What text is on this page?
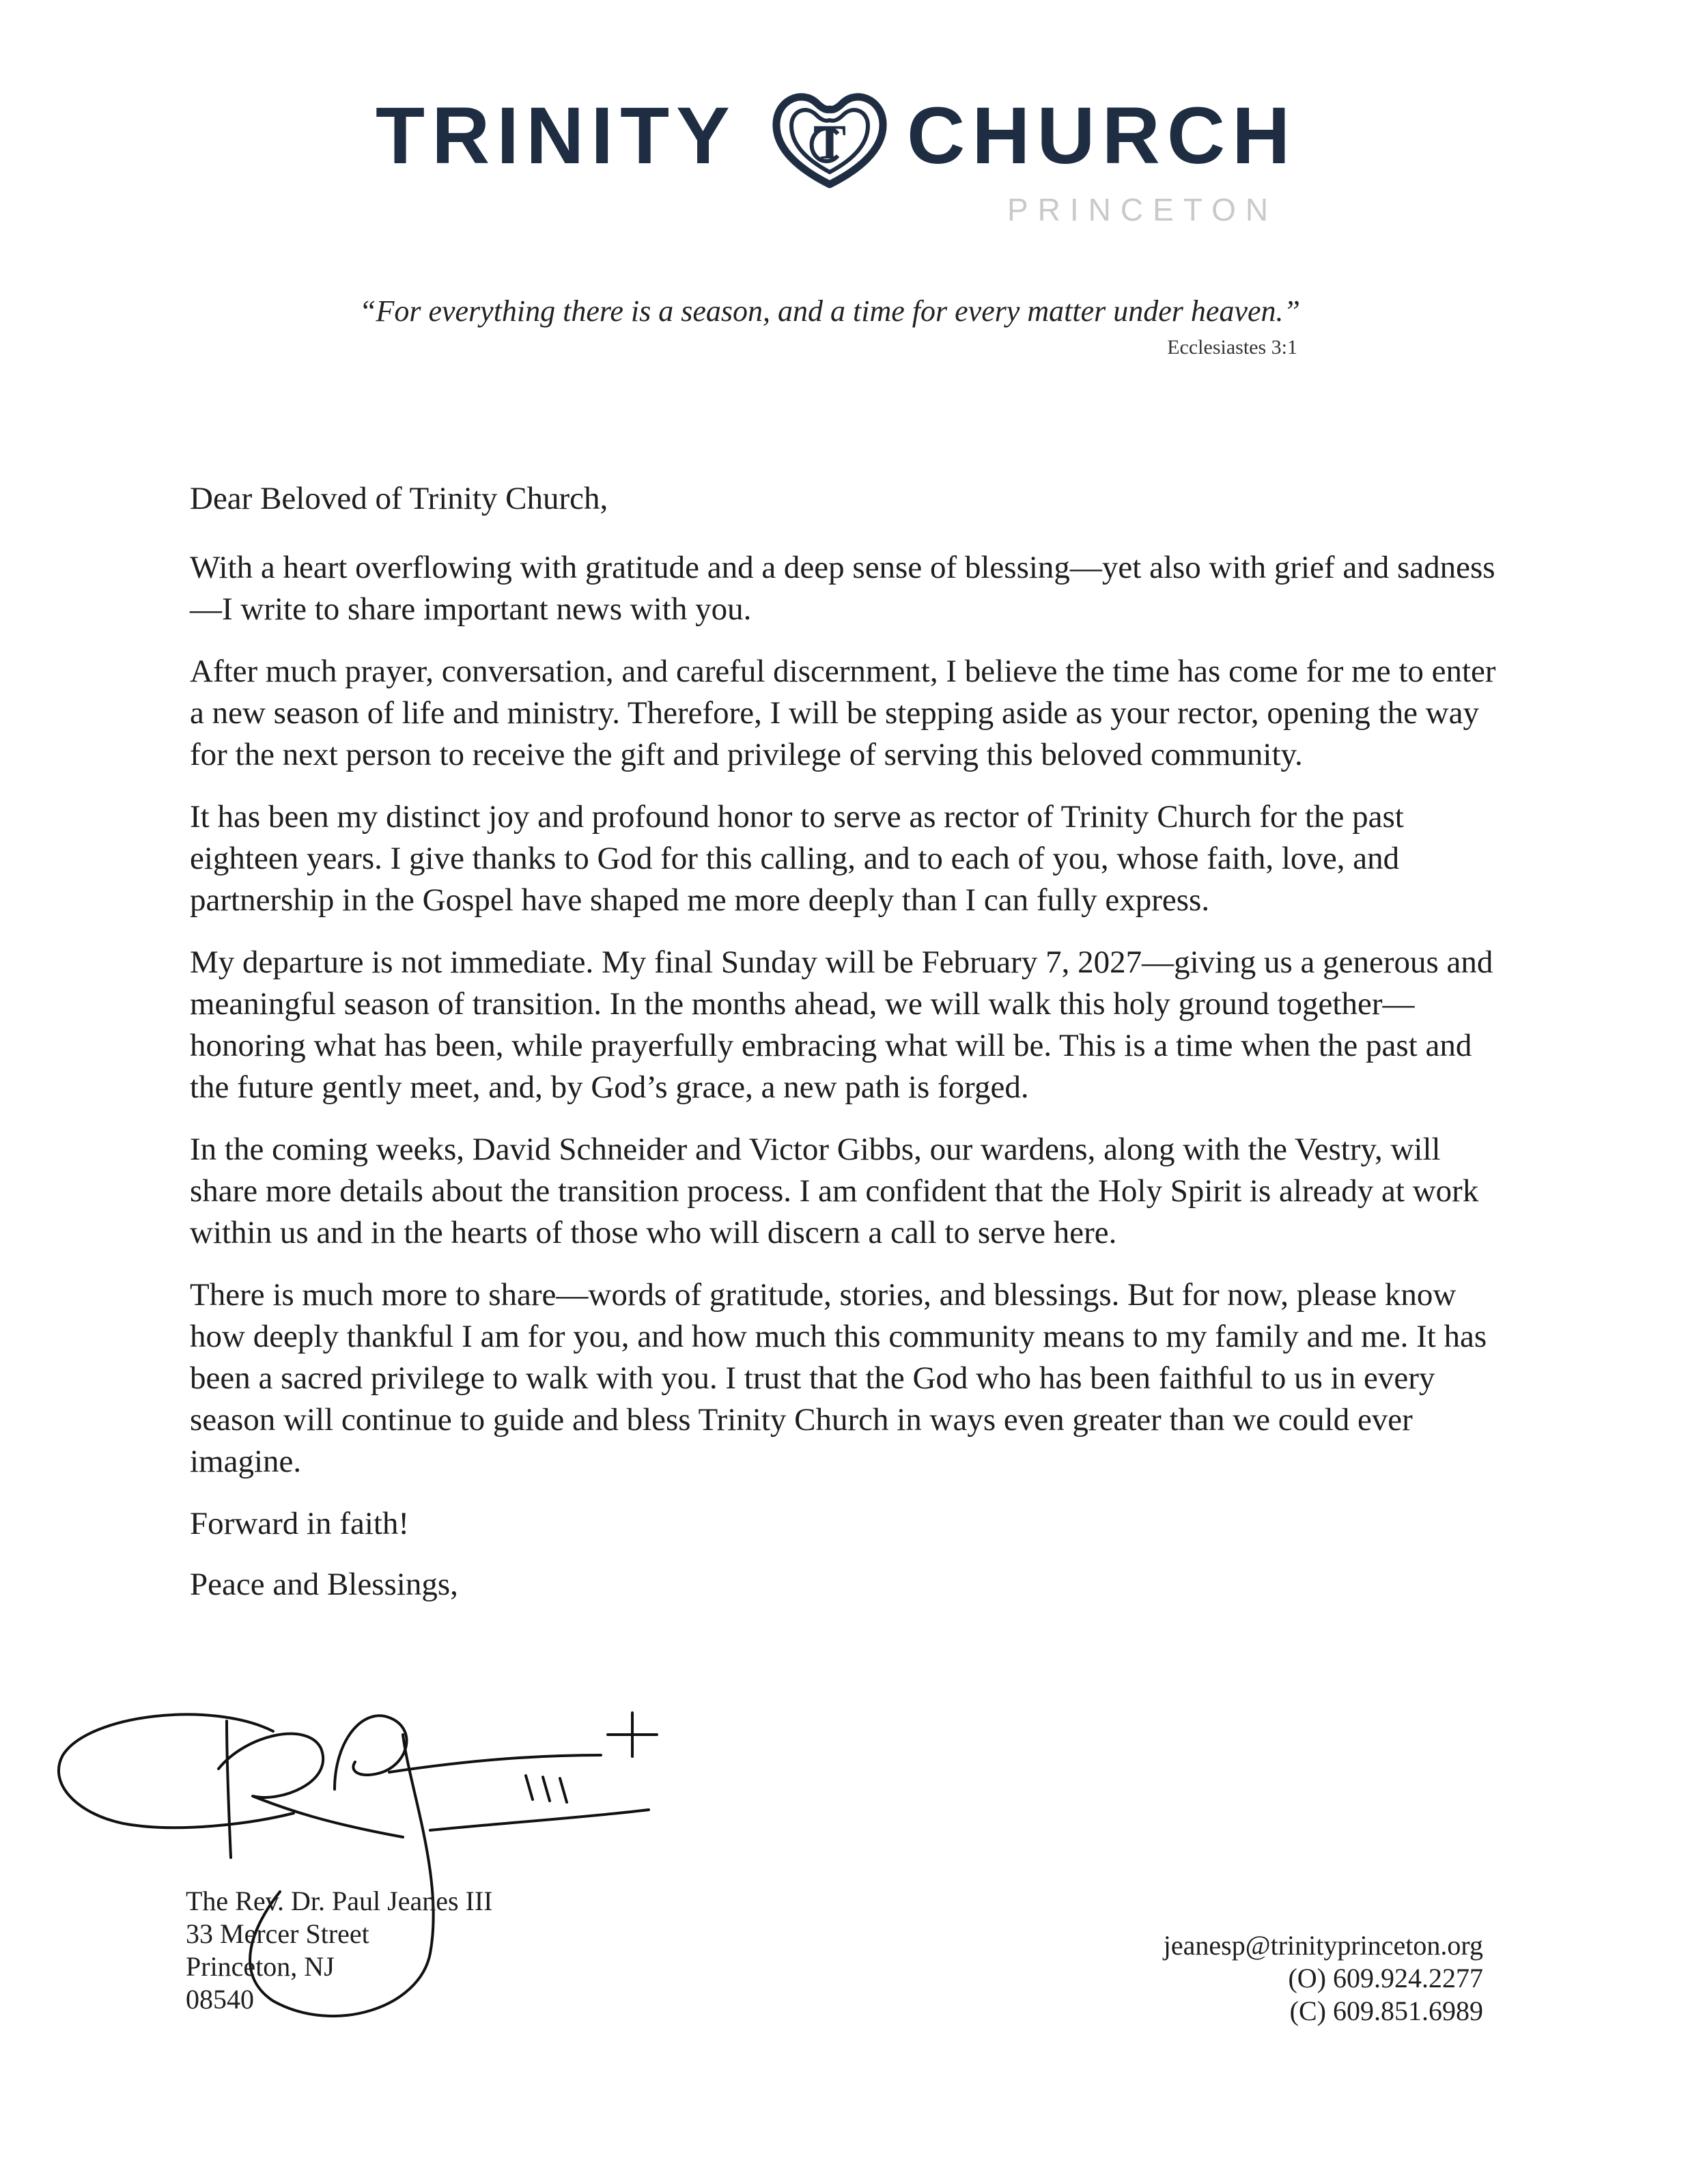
TRINITY T CHURCH
PRINCETON
“For everything there is a season, and a time for every matter under heaven.”
Ecclesiastes 3:1

Dear Beloved of Trinity Church,

With a heart overflowing with gratitude and a deep sense of blessing—yet also with grief and sadness—I write to share important news with you.

After much prayer, conversation, and careful discernment, I believe the time has come for me to enter a new season of life and ministry. Therefore, I will be stepping aside as your rector, opening the way for the next person to receive the gift and privilege of serving this beloved community.

It has been my distinct joy and profound honor to serve as rector of Trinity Church for the past eighteen years. I give thanks to God for this calling, and to each of you, whose faith, love, and partnership in the Gospel have shaped me more deeply than I can fully express.

My departure is not immediate. My final Sunday will be February 7, 2027—giving us a generous and meaningful season of transition. In the months ahead, we will walk this holy ground together—honoring what has been, while prayerfully embracing what will be. This is a time when the past and the future gently meet, and, by God’s grace, a new path is forged.

In the coming weeks, David Schneider and Victor Gibbs, our wardens, along with the Vestry, will share more details about the transition process. I am confident that the Holy Spirit is already at work within us and in the hearts of those who will discern a call to serve here.

There is much more to share—words of gratitude, stories, and blessings. But for now, please know how deeply thankful I am for you, and how much this community means to my family and me. It has been a sacred privilege to walk with you. I trust that the God who has been faithful to us in every season will continue to guide and bless Trinity Church in ways even greater than we could ever imagine.

Forward in faith!

Peace and Blessings,

The Rev. Dr. Paul Jeanes III
33 Mercer Street
Princeton, NJ
08540
jeanesp@trinityprinceton.org
(O) 609.924.2277
(C) 609.851.6989
